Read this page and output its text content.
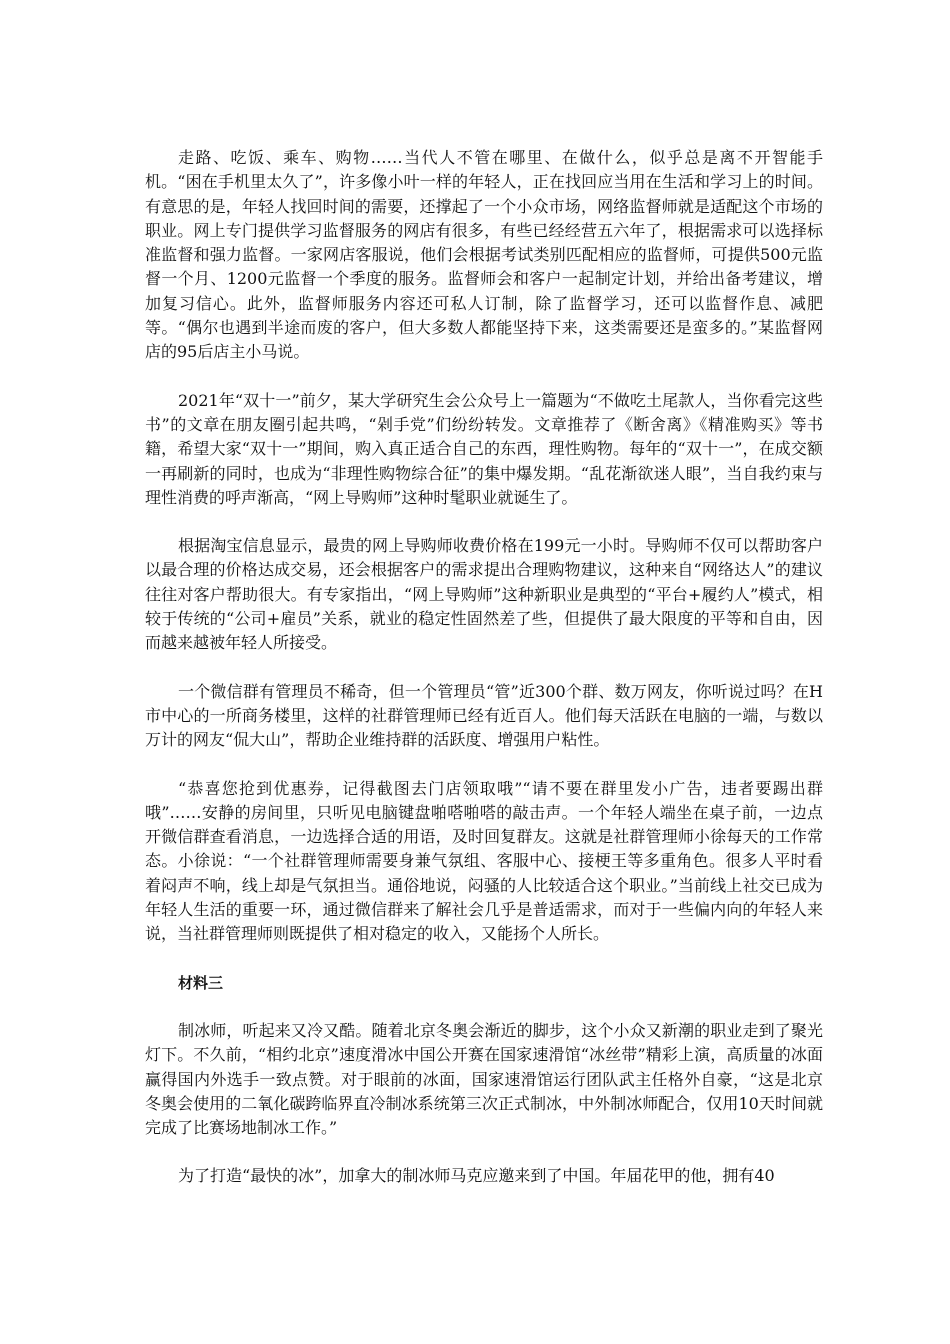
走路、吃饭、乘车、购物……当代人不管在哪里、在做什么，似乎总是离不开智能手机。“困在手机里太久了”，许多像小叶一样的年轻人，正在找回应当用在生活和学习上的时间。有意思的是，年轻人找回时间的需要，还撑起了一个小众市场，网络监督师就是适配这个市场的职业。网上专门提供学习监督服务的网店有很多，有些已经经营五六年了，根据需求可以选择标准监督和强力监督。一家网店客服说，他们会根据考试类别匹配相应的监督师，可提供500元监督一个月、1200元监督一个季度的服务。监督师会和客户一起制定计划，并给出备考建议，增加复习信心。此外，监督师服务内容还可私人订制，除了监督学习，还可以监督作息、减肥等。“偶尔也遇到半途而废的客户，但大多数人都能坚持下来，这类需要还是蛮多的。”某监督网店的95后店主小马说。

2021年“双十一”前夕，某大学研究生会公众号上一篇题为“不做吃土尾款人，当你看完这些书”的文章在朋友圈引起共鸣，“剁手党”们纷纷转发。文章推荐了《断舍离》《精准购买》等书籍，希望大家“双十一”期间，购入真正适合自己的东西，理性购物。每年的“双十一”，在成交额一再刷新的同时，也成为“非理性购物综合征”的集中爆发期。“乱花渐欲迷人眼”，当自我约束与理性消费的呼声渐高，“网上导购师”这种时髦职业就诞生了。

根据淘宝信息显示，最贵的网上导购师收费价格在199元一小时。导购师不仅可以帮助客户以最合理的价格达成交易，还会根据客户的需求提出合理购物建议，这种来自“网络达人”的建议往往对客户帮助很大。有专家指出，“网上导购师”这种新职业是典型的“平台+履约人”模式，相较于传统的“公司+雇员”关系，就业的稳定性固然差了些，但提供了最大限度的平等和自由，因而越来越被年轻人所接受。

一个微信群有管理员不稀奇，但一个管理员“管”近300个群、数万网友，你听说过吗？在H市中心的一所商务楼里，这样的社群管理师已经有近百人。他们每天活跃在电脑的一端，与数以万计的网友“侃大山”，帮助企业维持群的活跃度、增强用户粘性。

“恭喜您抢到优惠券，记得截图去门店领取哦”“请不要在群里发小广告，违者要踢出群哦”……安静的房间里，只听见电脑键盘啪嗒啪嗒的敲击声。一个年轻人端坐在桌子前，一边点开微信群查看消息，一边选择合适的用语，及时回复群友。这就是社群管理师小徐每天的工作常态。小徐说：“一个社群管理师需要身兼气氛组、客服中心、接梗王等多重角色。很多人平时看着闷声不响，线上却是气氛担当。通俗地说，闷骚的人比较适合这个职业。”当前线上社交已成为年轻人生活的重要一环，通过微信群来了解社会几乎是普适需求，而对于一些偏内向的年轻人来说，当社群管理师则既提供了相对稳定的收入，又能扬个人所长。

材料三

制冰师，听起来又冷又酷。随着北京冬奥会渐近的脚步，这个小众又新潮的职业走到了聚光灯下。不久前，“相约北京”速度滑冰中国公开赛在国家速滑馆“冰丝带”精彩上演，高质量的冰面赢得国内外选手一致点赞。对于眼前的冰面，国家速滑馆运行团队武主任格外自豪，“这是北京冬奥会使用的二氧化碳跨临界直冷制冰系统第三次正式制冰，中外制冰师配合，仅用10天时间就完成了比赛场地制冰工作。”

为了打造“最快的冰”，加拿大的制冰师马克应邀来到了中国。年届花甲的他，拥有40
